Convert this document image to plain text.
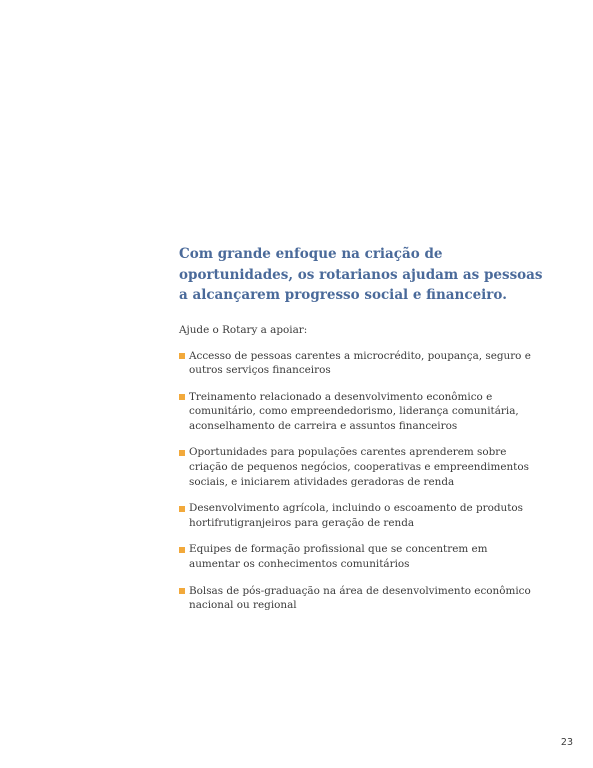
Com grande enfoque na criação de oportunidades, os rotarianos ajudam as pessoas a alcançarem progresso social e financeiro.

Ajude o Rotary a apoiar:

Accesso de pessoas carentes a microcrédito, poupança, seguro e outros serviços financeiros
Treinamento relacionado a desenvolvimento econômico e comunitário, como empreendedorismo, liderança comunitária, aconselhamento de carreira e assuntos financeiros
Oportunidades para populações carentes aprenderem sobre criação de pequenos negócios, cooperativas e empreendimentos sociais, e iniciarem atividades geradoras de renda
Desenvolvimento agrícola, incluindo o escoamento de produtos hortifrutigranjeiros para geração de renda
Equipes de formação profissional que se concentrem em aumentar os conhecimentos comunitários
Bolsas de pós-graduação na área de desenvolvimento econômico nacional ou regional
23
